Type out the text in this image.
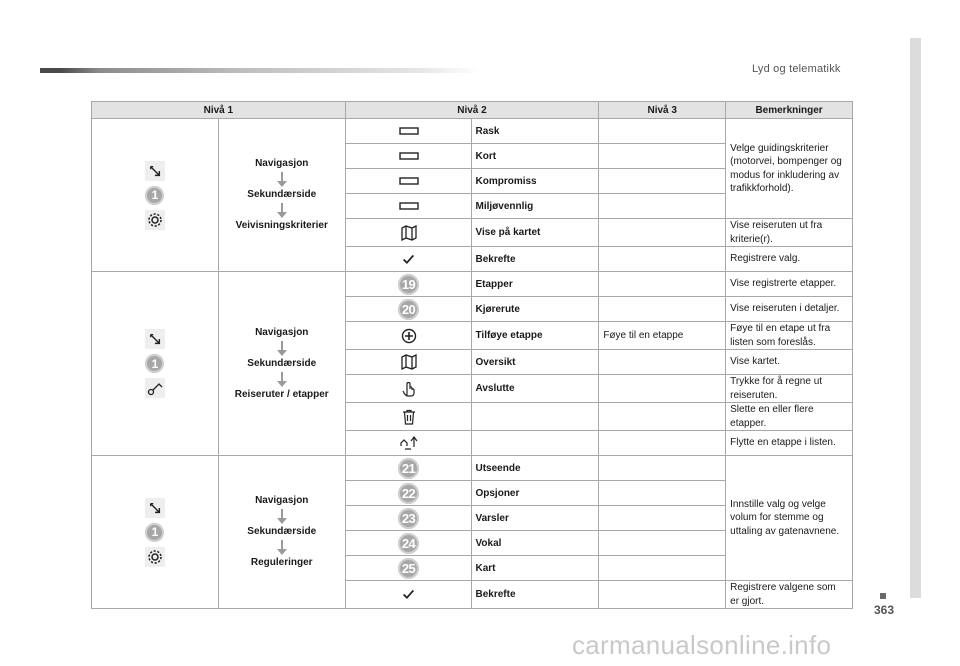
Lyd og telematikk
363
carmanualsonline.info
Nivå 1		Nivå 2		Nivå 3	Bemerkninger

1	Navigasjon
Sekundærside
Veivisningskriterier		Rask		Velge guidingskriterier (motorvei, bompenger og modus for inkludering av trafikkforhold).

	Kort		

	Kompromiss		

	Miljøvennlig		

	Vise på kartet		Vise reiseruten ut fra kriterie(r).

	Bekrefte		Registrere valg.

1	Navigasjon
Sekundærside
Reiseruter / etapper	19	Etapper		Vise registrerte etapper.
		20	Kjørerute		Vise reiseruten i detaljer.

	Tilføye etappe	Føye til en etappe	Føye til en etape ut fra listen som foreslås.

	Oversikt		Vise kartet.

	Avslutte		Trykke for å regne ut reiseruten.

			Slette en eller flere etapper.

			Flytte en etappe i listen.

1	Navigasjon
Sekundærside
Reguleringer	21	Utseende		Innstille valg og velge volum for stemme og uttaling av gatenavnene.
		22	Opsjoner		
		23	Varsler		
		24	Vokal		
		25	Kart		

	Bekrefte		Registrere valgene som er gjort.
